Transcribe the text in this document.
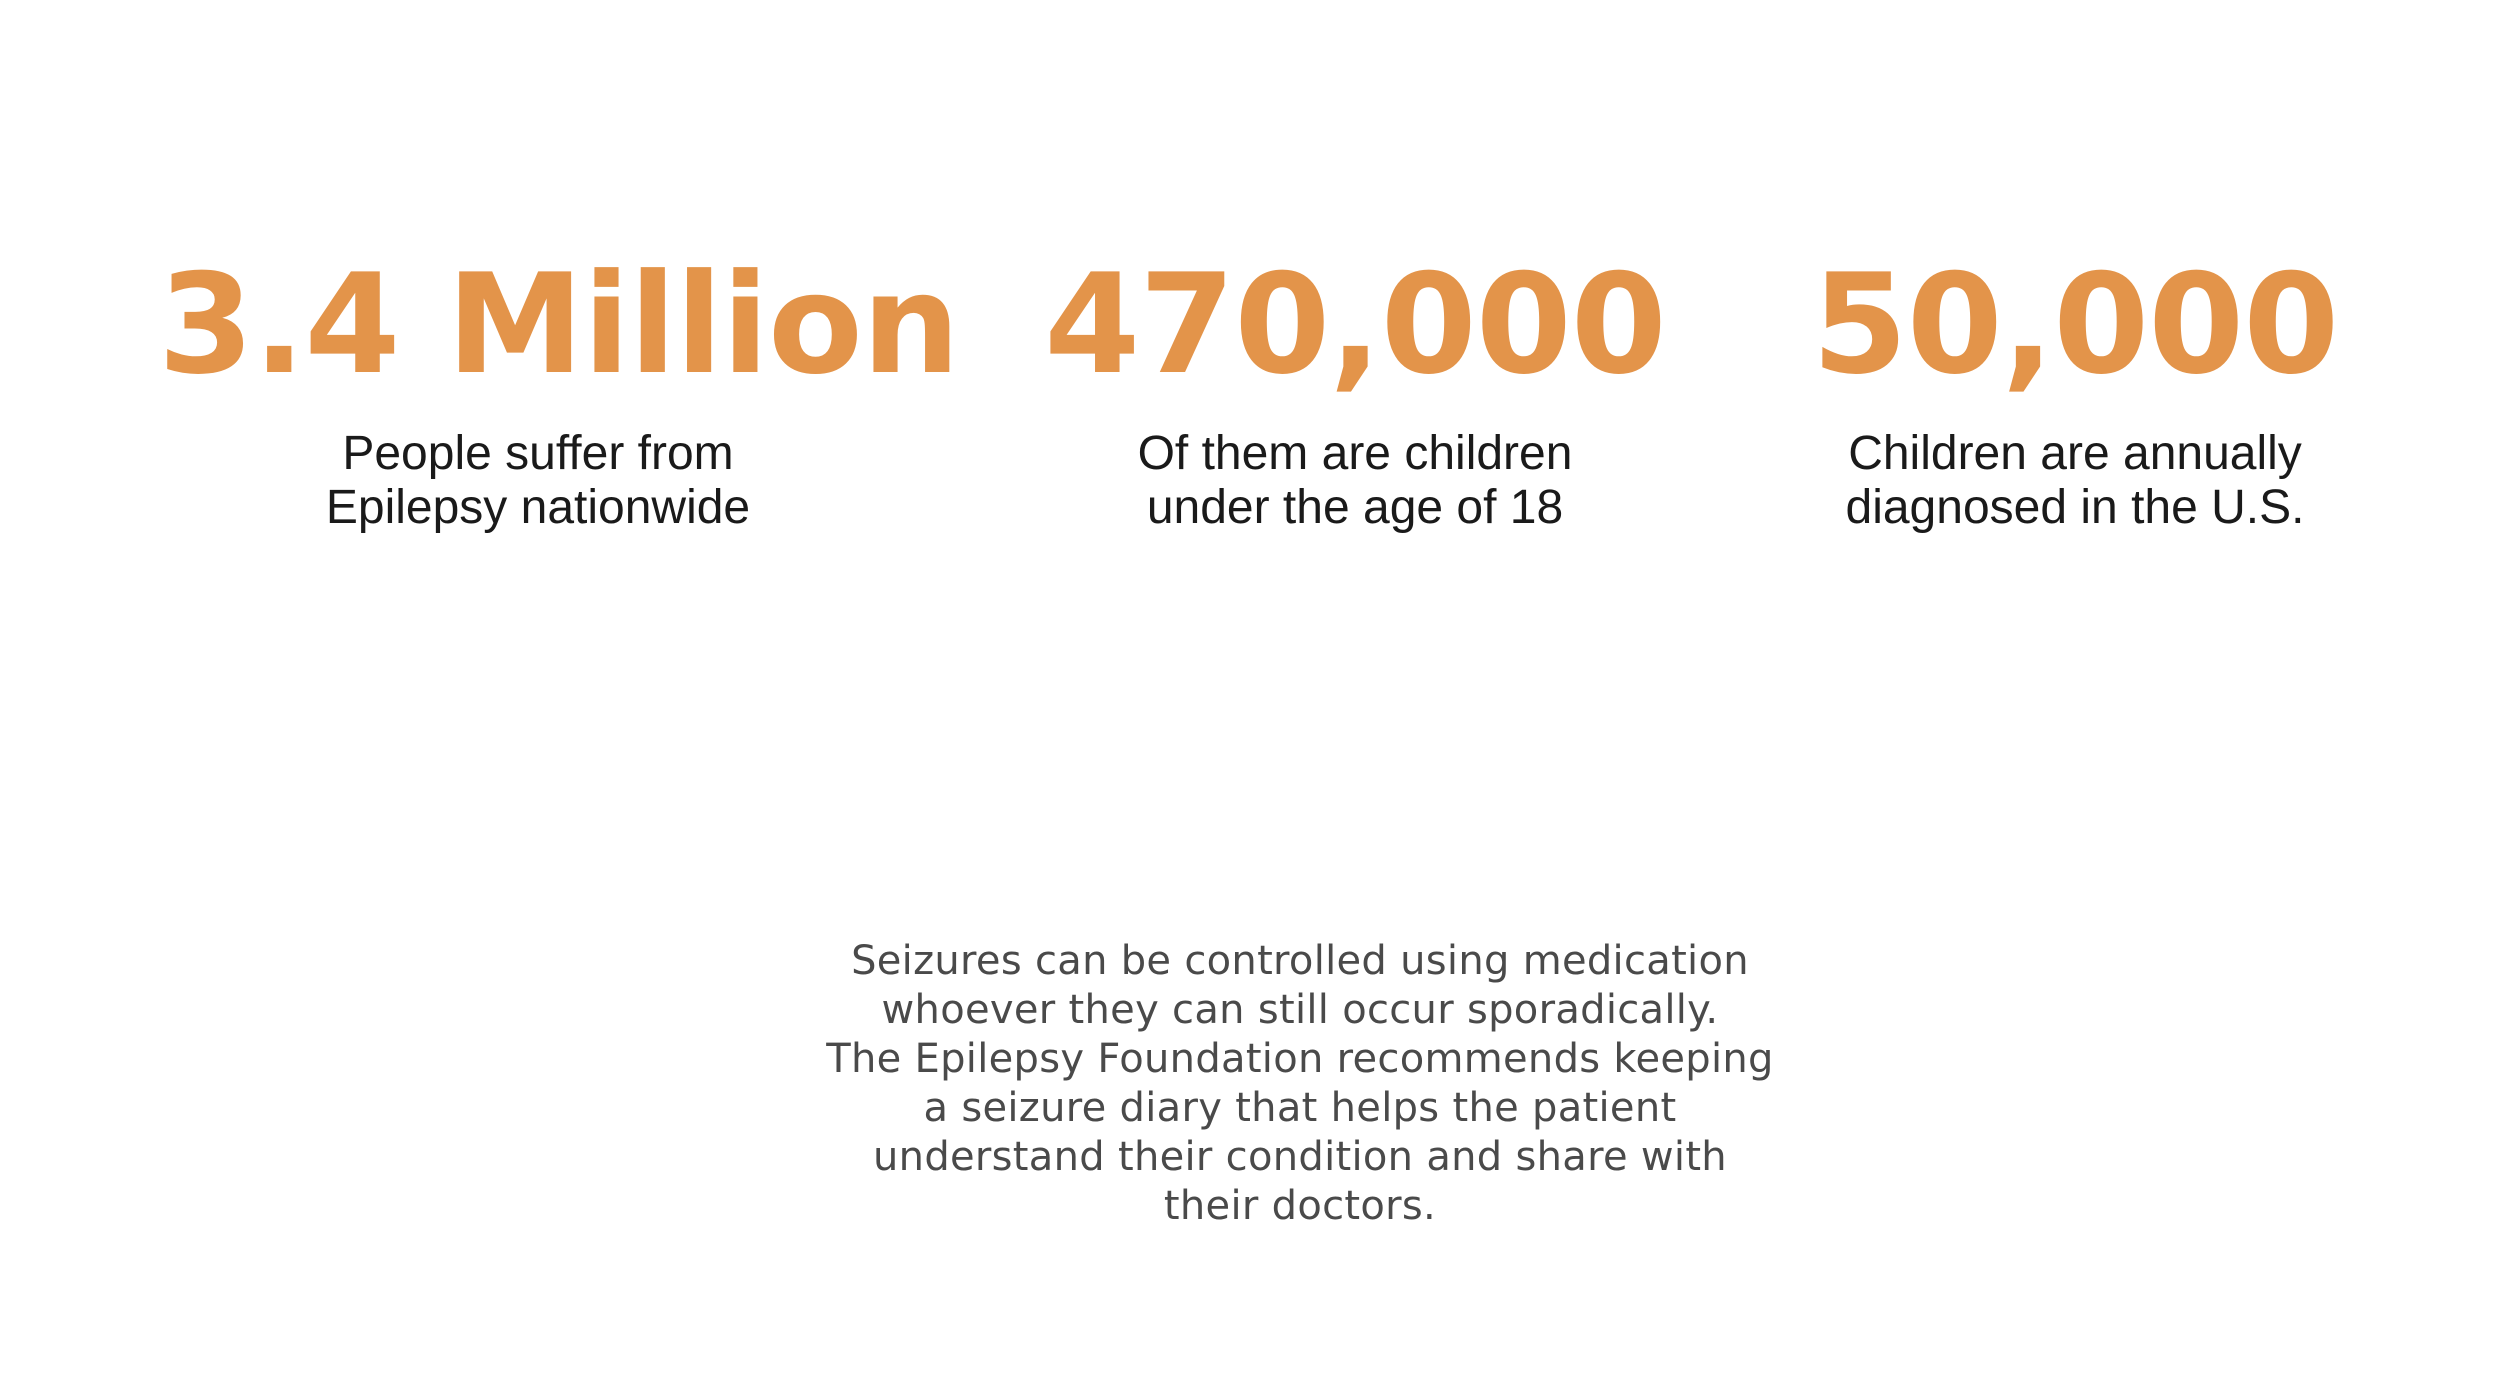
3.4 Million
People suffer from
Epilepsy nationwide
470,000
Of them are children
under the age of 18
50,000
Children are annually
diagnosed in the U.S.
Seizures can be controlled using medication
whoever they can still occur sporadically.
The Epilepsy Foundation recommends keeping
a seizure diary that helps the patient
understand their condition and share with
their doctors.
